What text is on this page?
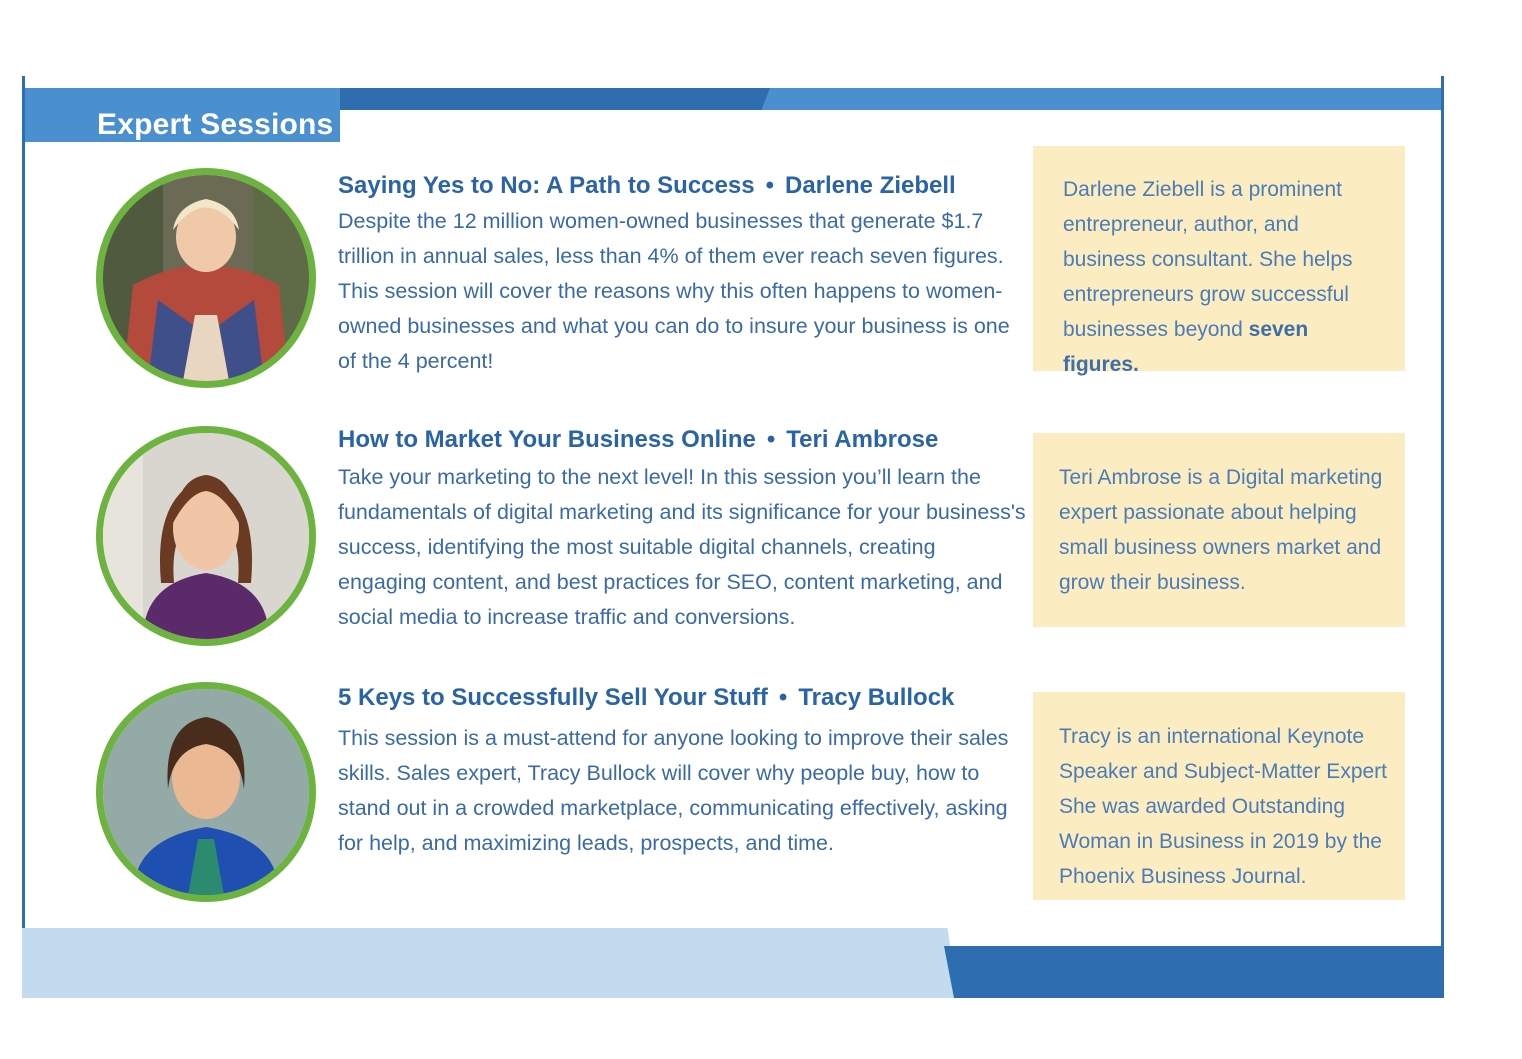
Expert Sessions
Saying Yes to No: A Path to Success • Darlene Ziebell
Despite the 12 million women-owned businesses that generate $1.7 trillion in annual sales, less than 4% of them ever reach seven figures. This session will cover the reasons why this often happens to women-owned businesses and what you can do to insure your business is one of the 4 percent!
Darlene Ziebell is a prominent entrepreneur, author, and business consultant. She helps entrepreneurs grow successful businesses beyond seven figures.
How to Market Your Business Online • Teri Ambrose
Take your marketing to the next level! In this session you’ll learn the fundamentals of digital marketing and its significance for your business's success, identifying the most suitable digital channels, creating engaging content, and best practices for SEO, content marketing, and social media to increase traffic and conversions.
Teri Ambrose is a Digital marketing expert passionate about helping small business owners market and grow their business.
5 Keys to Successfully Sell Your Stuff • Tracy Bullock
This session is a must-attend for anyone looking to improve their sales skills. Sales expert, Tracy Bullock will cover why people buy, how to stand out in a crowded marketplace, communicating effectively, asking for help, and maximizing leads, prospects, and time.
Tracy is an international Keynote Speaker and Subject-Matter Expert She was awarded Outstanding Woman in Business in 2019 by the Phoenix Business Journal.
